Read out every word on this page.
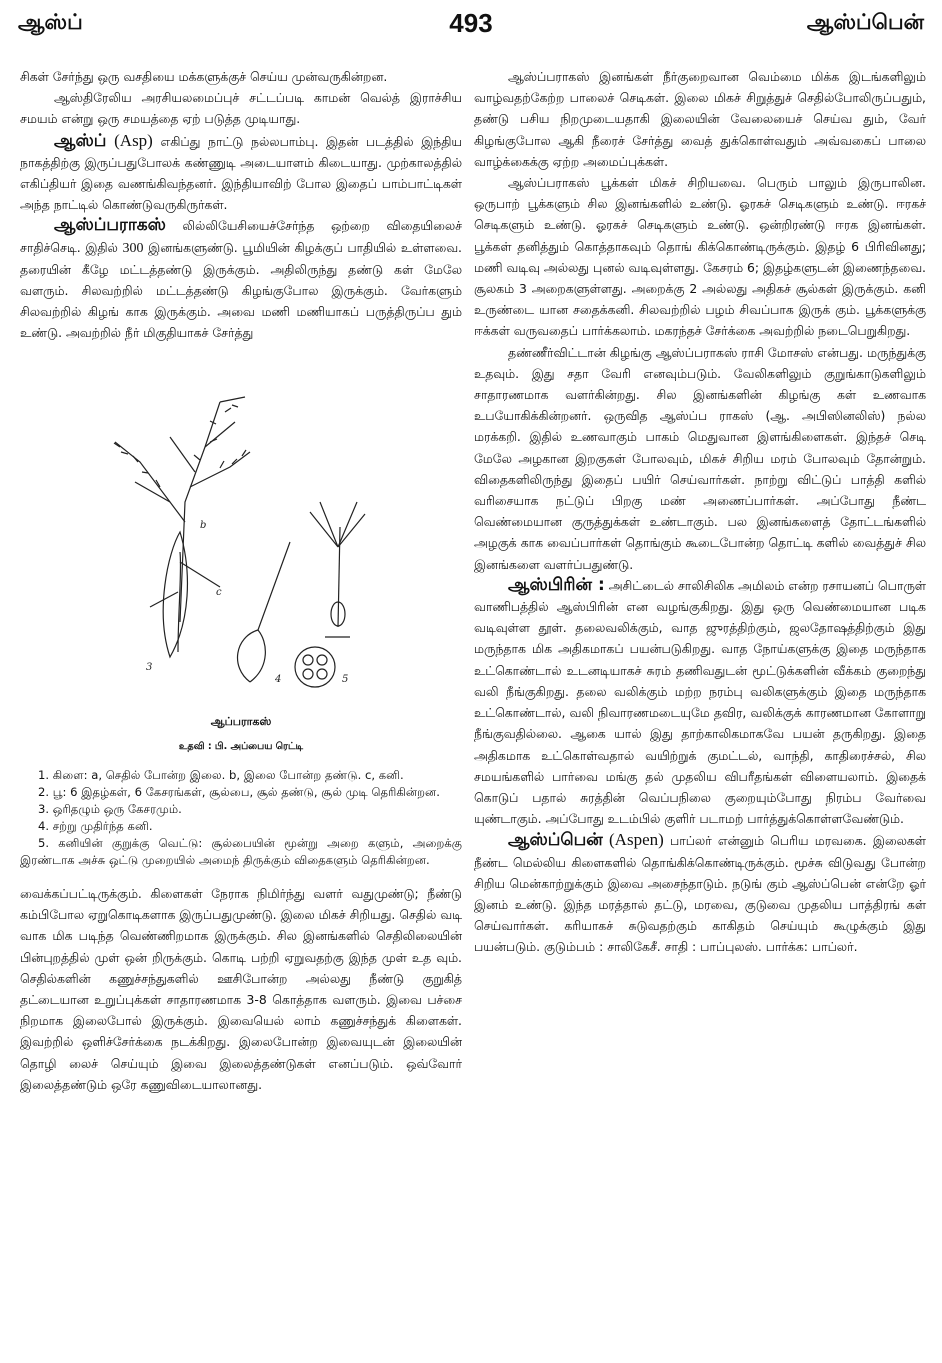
ஆஸ்ப்	493	ஆஸ்ப்பென்

சிகள் சேர்ந்து ஒரு வசதியை மக்களுக்குச் செய்ய முன்வருகின்றன.

ஆஸ்திரேலிய அரசியலமைப்புச் சட்டப்படி காமன் வெல்த் இராச்சிய சமயம் என்று ஒரு சமயத்தை ஏற் படுத்த முடியாது.

ஆஸ்ப் (Asp) எகிப்து நாட்டு நல்லபாம்பு. இதன் படத்தில் இந்திய நாகத்திற்கு இருப்பதுபோலக் கண்ணுடி அடையாளம் கிடையாது. முற்காலத்தில் எகிப்தியர் இதை வணங்கிவந்தனர். இந்தியாவிற் போல இதைப் பாம்பாட்டிகள் அந்த நாட்டில் கொண்டுவருகிருர்கள்.

ஆஸ்ப்பராகஸ் லில்லியேசியைச்சேர்ந்த ஒற்றை விதையிலைச் சாதிச்செடி. இதில் 300 இனங்களுண்டு. பூமியின் கிழக்குப் பாதியில் உள்ளவை. தரையின் கீழே மட்டத்தண்டு இருக்கும். அதிலிருந்து தண்டு கள் மேலே வளரும். சிலவற்றில் மட்டத்தண்டு கிழங்குபோல இருக்கும். வேர்களும் சிலவற்றில் கிழங் காக இருக்கும். அவை மணி மணியாகப் பருத்திருப்ப தும் உண்டு. அவற்றில் நீர் மிகுதியாகச் சேர்த்து

3
4	5
b
c
ஆப்பராகஸ்
உதவி : பி. அப்பைய ரெட்டி

1. கிளை: a, செதில் போன்ற இலை. b, இலை போன்ற தண்டு. c, கனி.

2. பூ: 6 இதழ்கள், 6 கேசரங்கள், சூல்பை, சூல் தண்டு, சூல் முடி தெரிகின்றன.

3. ஒரிதழும் ஒரு கேசரமும்.

4. சற்று முதிர்ந்த கனி.

5. கனியின் குறுக்கு வெட்டு: சூல்பையின் மூன்று அறை களும், அறைக்கு இரண்டாக அச்சு ஒட்டு முறையில் அமைந் திருக்கும் விதைகளும் தெரிகின்றன.

வைக்கப்பட்டிருக்கும். கிளைகள் நேராக நிமிர்ந்து வளர் வதுமுண்டு; நீண்டு கம்பிபோல ஏறுகொடிகளாக இருப்பதுமுண்டு. இலை மிகச் சிறியது. செதில் வடி வாக மிக படிந்த வெண்ணிறமாக இருக்கும். சில இனங்களில் செதிலிலையின் பின்புறத்தில் முள் ஒன் றிருக்கும். கொடி பற்றி ஏறுவதற்கு இந்த முள் உத வும். செதில்களின் கணுச்சந்துகளில் ஊசிபோன்ற அல்லது நீண்டு குறுகித் தட்டையான உறுப்புக்கள் சாதாரணமாக 3-8 கொத்தாக வளரும். இவை பச்சை நிறமாக இலைபோல் இருக்கும். இவையெல் லாம் கணுச்சந்துக் கிளைகள். இவற்றில் ஒளிச்சேர்க்கை நடக்கிறது. இலைபோன்ற இவையுடன் இலையின் தொழி லைச் செய்யும் இவை இலைத்தண்டுகள் எனப்படும். ஒவ்வோர் இலைத்தண்டும் ஒரே கணுவிடையாலானது.

ஆஸ்ப்பராகஸ் இனங்கள் நீர்குறைவான வெம்மை மிக்க இடங்களிலும் வாழ்வதற்கேற்ற பாலைச் செடிகள். இலை மிகச் சிறுத்துச் செதில்போலிருப்பதும், தண்டு பசிய நிறமுடையதாகி இலையின் வேலையைச் செய்வ தும், வேர் கிழங்குபோல ஆகி நீரைச் சேர்த்து வைத் துக்கொள்வதும் அவ்வகைப் பாலை வாழ்க்கைக்கு ஏற்ற அமைப்புக்கள்.

ஆஸ்ப்பராகஸ் பூக்கள் மிகச் சிறியவை. பெரும் பாலும் இருபாலின. ஒருபாற் பூக்களும் சில இனங்களில் உண்டு. ஓரகச் செடிகளும் உண்டு. ஈரகச் செடிகளும் உண்டு. ஓரகச் செடிகளும் உண்டு. ஒன்றிரண்டு ஈரக இனங்கள். பூக்கள் தனித்தும் கொத்தாகவும் தொங் கிக்கொண்டிருக்கும். இதழ் 6 பிரிவினது; மணி வடிவு அல்லது புனல் வடிவுள்ளது. கேசரம் 6; இதழ்களுடன் இணைந்தவை. சூலகம் 3 அறைகளுள்ளது. அறைக்கு 2 அல்லது அதிகச் சூல்கள் இருக்கும். கனி உருண்டை யான சதைக்கனி. சிலவற்றில் பழம் சிவப்பாக இருக் கும். பூக்களுக்கு ஈக்கள் வருவதைப் பார்க்கலாம். மகரந்தச் சேர்க்கை அவற்றில் நடைபெறுகிறது.

தண்ணீர்விட்டான் கிழங்கு ஆஸ்ப்பராகஸ் ராசி மோசஸ் என்பது. மருந்துக்கு உதவும். இது சதா வேரி எனவும்படும். வேலிகளிலும் குறுங்காடுகளிலும் சாதாரணமாக வளர்கின்றது. சில இனங்களின் கிழங்கு கள் உணவாக உபயோகிக்கின்றனர். ஒருவித ஆஸ்ப்ப ராகஸ் (ஆ. அபிஸினலிஸ்) நல்ல மரக்கறி. இதில் உணவாகும் பாகம் மெதுவான இளங்கிளைகள். இந்தச் செடி மேலே அழகான இறகுகள் போலவும், மிகச் சிறிய மரம் போலவும் தோன்றும். விதைகளிலிருந்து இதைப் பயிர் செய்வார்கள். நாற்று விட்டுப் பாத்தி களில் வரிசையாக நட்டுப் பிறகு மண் அணைப்பார்கள். அப்போது நீண்ட வெண்மையான குருத்துக்கள் உண்டாகும். பல இனங்களைத் தோட்டங்களில் அழகுக் காக வைப்பார்கள் தொங்கும் கூடைபோன்ற தொட்டி களில் வைத்துச் சில இனங்களை வளர்ப்பதுண்டு.

ஆஸ்பிரின் : அசிட்டைல் சாலிசிலிக அமிலம் என்ற ரசாயனப் பொருள் வாணிபத்தில் ஆஸ்பிரின் என வழங்குகிறது. இது ஒரு வெண்மையான படிக வடிவுள்ள தூள். தலைவலிக்கும், வாத ஜுரத்திற்கும், ஜலதோஷத்திற்கும் இது மருந்தாக மிக அதிகமாகப் பயன்படுகிறது. வாத நோய்களுக்கு இதை மருந்தாக உட்கொண்டால் உடனடியாகச் சுரம் தணிவதுடன் மூட்டுக்களின் வீக்கம் குறைந்து வலி நீங்குகிறது. தலை வலிக்கும் மற்ற நரம்பு வலிகளுக்கும் இதை மருந்தாக உட்கொண்டால், வலி நிவாரணமடையுமே தவிர, வலிக்குக் காரணமான கோளாறு நீங்குவதில்லை. ஆகை யால் இது தாற்காலிகமாகவே பயன் தருகிறது. இதை அதிகமாக உட்கொள்வதால் வயிற்றுக் குமட்டல், வாந்தி, காதிரைச்சல், சில சமயங்களில் பார்வை மங்கு தல் முதலிய விபரீதங்கள் விளையலாம். இதைக் கொடுப் பதால் சுரத்தின் வெப்பநிலை குறையும்போது நிரம்ப வேர்வை யுண்டாகும். அப்போது உடம்பில் குளிர் படாமற் பார்த்துக்கொள்ளவேண்டும்.

ஆஸ்ப்பென் (Aspen) பாப்லர் என்னும் பெரிய மரவகை. இலைகள் நீண்ட மெல்லிய கிளைகளில் தொங்கிக்கொண்டிருக்கும். மூச்சு விடுவது போன்ற சிறிய மென்காற்றுக்கும் இவை அசைந்தாடும். நடுங் கும் ஆஸ்ப்பென் என்றே ஓர் இனம் உண்டு. இந்த மரத்தால் தட்டு, மரவை, குடுவை முதலிய பாத்திரங் கள் செய்வார்கள். கரியாகச் சுடுவதற்கும் காகிதம் செய்யும் கூழுக்கும் இது பயன்படும். குடும்பம் : சாலிகேசீ. சாதி : பாப்புலஸ். பார்க்க: பாப்லர்.
